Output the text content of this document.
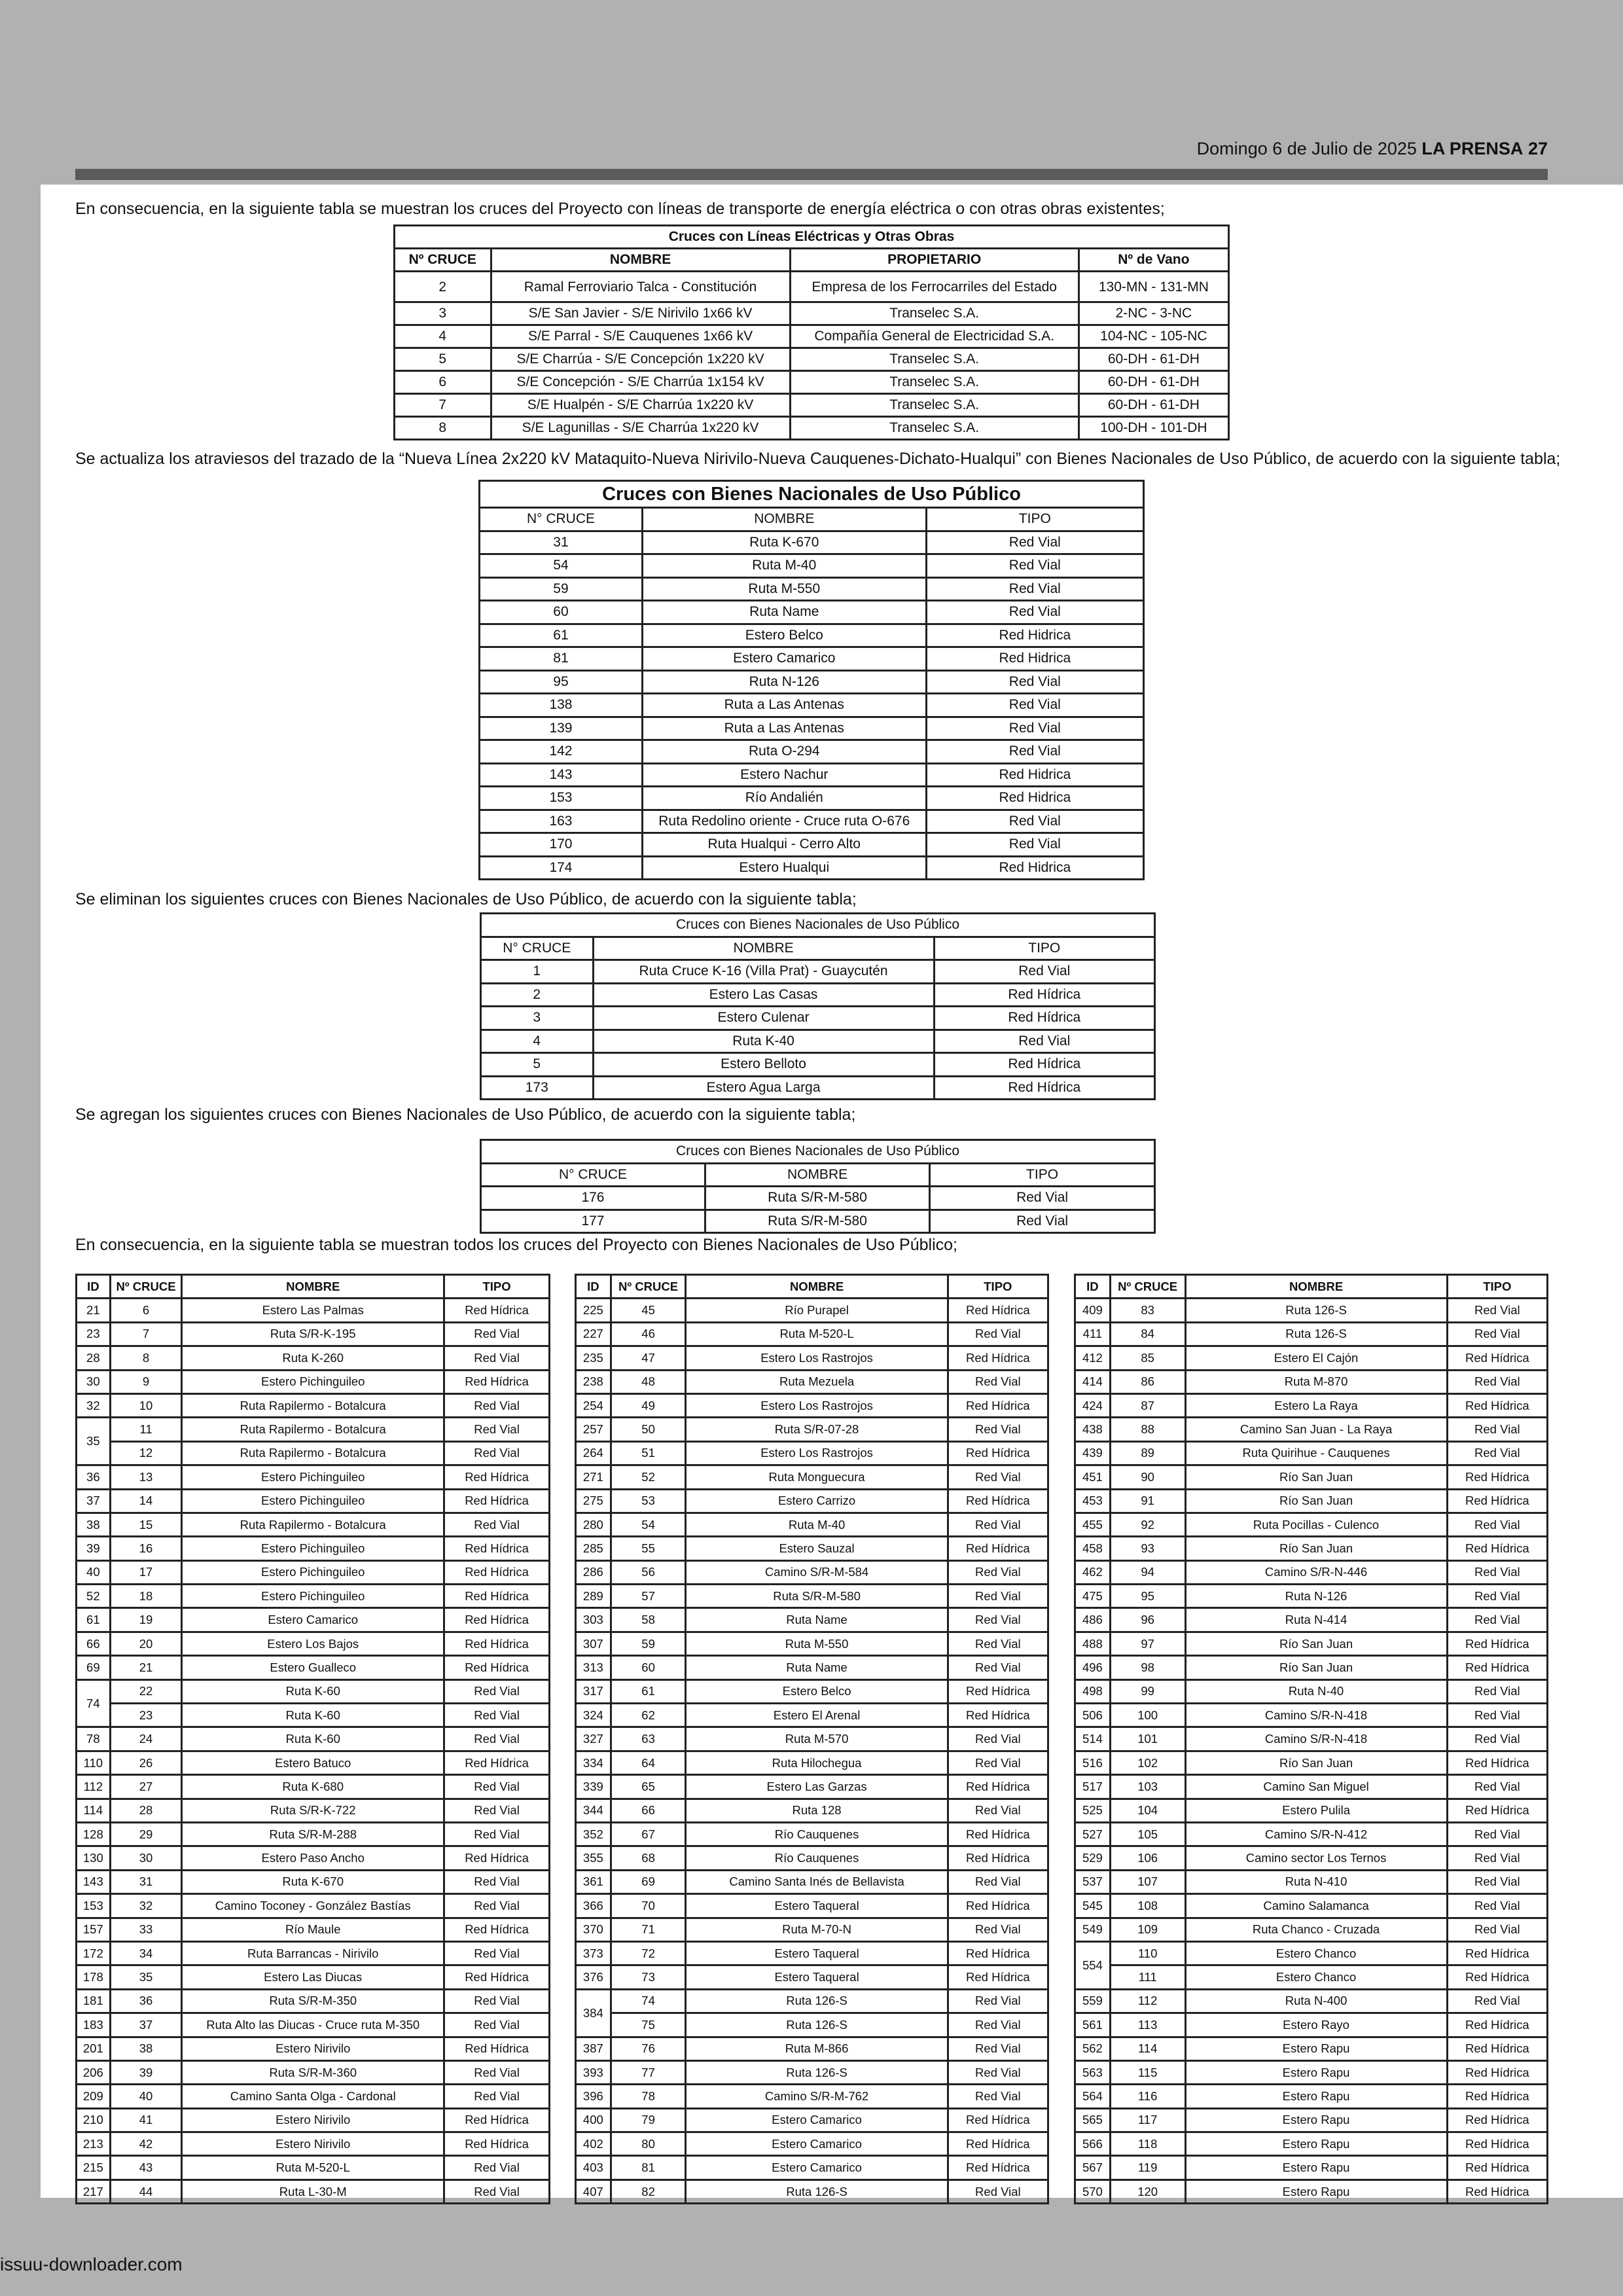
Domingo 6 de Julio de 2025 LA PRENSA 27
En consecuencia, en la siguiente tabla se muestran los cruces del Proyecto con líneas de transporte de energía eléctrica o con otras obras existentes;
Cruces con Líneas Eléctricas y Otras Obras			
Nº CRUCE	NOMBRE	PROPIETARIO	Nº de Vano
2	Ramal Ferroviario Talca - Constitución	Empresa de los Ferrocarriles del Estado	130-MN - 131-MN
3	S/E San Javier - S/E Nirivilo 1x66 kV	Transelec S.A.	2-NC - 3-NC
4	S/E Parral - S/E Cauquenes 1x66 kV	Compañía General de Electricidad S.A.	104-NC - 105-NC
5	S/E Charrúa - S/E Concepción 1x220 kV	Transelec S.A.	60-DH - 61-DH
6	S/E Concepción - S/E Charrúa 1x154 kV	Transelec S.A.	60-DH - 61-DH
7	S/E Hualpén - S/E Charrúa 1x220 kV	Transelec S.A.	60-DH - 61-DH
8	S/E Lagunillas - S/E Charrúa 1x220 kV	Transelec S.A.	100-DH - 101-DH
Se actualiza los atraviesos del trazado de la “Nueva Línea 2x220 kV Mataquito-Nueva Nirivilo-Nueva Cauquenes-Dichato-Hualqui” con Bienes Nacionales de Uso Público, de acuerdo con la siguiente tabla;
Cruces con Bienes Nacionales de Uso Público		
N° CRUCE	NOMBRE	TIPO
31	Ruta K-670	Red Vial
54	Ruta M-40	Red Vial
59	Ruta M-550	Red Vial
60	Ruta Name	Red Vial
61	Estero Belco	Red Hidrica
81	Estero Camarico	Red Hidrica
95	Ruta N-126	Red Vial
138	Ruta a Las Antenas	Red Vial
139	Ruta a Las Antenas	Red Vial
142	Ruta O-294	Red Vial
143	Estero Nachur	Red Hidrica
153	Río Andalién	Red Hidrica
163	Ruta Redolino oriente - Cruce ruta O-676	Red Vial
170	Ruta Hualqui - Cerro Alto	Red Vial
174	Estero Hualqui	Red Hidrica
Se eliminan los siguientes cruces con Bienes Nacionales de Uso Público, de acuerdo con la siguiente tabla;
Cruces con Bienes Nacionales de Uso Público		
N° CRUCE	NOMBRE	TIPO
1	Ruta Cruce K-16 (Villa Prat) - Guaycutén	Red Vial
2	Estero Las Casas	Red Hídrica
3	Estero Culenar	Red Hídrica
4	Ruta K-40	Red Vial
5	Estero Belloto	Red Hídrica
173	Estero Agua Larga	Red Hídrica
Se agregan los siguientes cruces con Bienes Nacionales de Uso Público, de acuerdo con la siguiente tabla;
Cruces con Bienes Nacionales de Uso Público		
N° CRUCE	NOMBRE	TIPO
176	Ruta S/R-M-580	Red Vial
177	Ruta S/R-M-580	Red Vial
En consecuencia, en la siguiente tabla se muestran todos los cruces del Proyecto con Bienes Nacionales de Uso Público;
ID	Nº CRUCE	NOMBRE	TIPO
21	6	Estero Las Palmas	Red Hídrica
23	7	Ruta S/R-K-195	Red Vial
28	8	Ruta K-260	Red Vial
30	9	Estero Pichinguileo	Red Hídrica
32	10	Ruta Rapilermo - Botalcura	Red Vial
35	11	Ruta Rapilermo - Botalcura	Red Vial
	12	Ruta Rapilermo - Botalcura	Red Vial
36	13	Estero Pichinguileo	Red Hídrica
37	14	Estero Pichinguileo	Red Hídrica
38	15	Ruta Rapilermo - Botalcura	Red Vial
39	16	Estero Pichinguileo	Red Hídrica
40	17	Estero Pichinguileo	Red Hídrica
52	18	Estero Pichinguileo	Red Hídrica
61	19	Estero Camarico	Red Hídrica
66	20	Estero Los Bajos	Red Hídrica
69	21	Estero Gualleco	Red Hídrica
74	22	Ruta K-60	Red Vial
	23	Ruta K-60	Red Vial
78	24	Ruta K-60	Red Vial
110	26	Estero Batuco	Red Hídrica
112	27	Ruta K-680	Red Vial
114	28	Ruta S/R-K-722	Red Vial
128	29	Ruta S/R-M-288	Red Vial
130	30	Estero Paso Ancho	Red Hídrica
143	31	Ruta K-670	Red Vial
153	32	Camino Toconey - González Bastías	Red Vial
157	33	Río Maule	Red Hídrica
172	34	Ruta Barrancas - Nirivilo	Red Vial
178	35	Estero Las Diucas	Red Hídrica
181	36	Ruta S/R-M-350	Red Vial
183	37	Ruta Alto las Diucas - Cruce ruta M-350	Red Vial
201	38	Estero Nirivilo	Red Hídrica
206	39	Ruta S/R-M-360	Red Vial
209	40	Camino Santa Olga - Cardonal	Red Vial
210	41	Estero Nirivilo	Red Hídrica
213	42	Estero Nirivilo	Red Hídrica
215	43	Ruta M-520-L	Red Vial
217	44	Ruta L-30-M	Red Vial
ID	Nº CRUCE	NOMBRE	TIPO
225	45	Río Purapel	Red Hídrica
227	46	Ruta M-520-L	Red Vial
235	47	Estero Los Rastrojos	Red Hídrica
238	48	Ruta Mezuela	Red Vial
254	49	Estero Los Rastrojos	Red Hídrica
257	50	Ruta S/R-07-28	Red Vial
264	51	Estero Los Rastrojos	Red Hídrica
271	52	Ruta Monguecura	Red Vial
275	53	Estero Carrizo	Red Hídrica
280	54	Ruta M-40	Red Vial
285	55	Estero Sauzal	Red Hídrica
286	56	Camino S/R-M-584	Red Vial
289	57	Ruta S/R-M-580	Red Vial
303	58	Ruta Name	Red Vial
307	59	Ruta M-550	Red Vial
313	60	Ruta Name	Red Vial
317	61	Estero Belco	Red Hídrica
324	62	Estero El Arenal	Red Hídrica
327	63	Ruta M-570	Red Vial
334	64	Ruta Hilochegua	Red Vial
339	65	Estero Las Garzas	Red Hídrica
344	66	Ruta 128	Red Vial
352	67	Río Cauquenes	Red Hídrica
355	68	Río Cauquenes	Red Hídrica
361	69	Camino Santa Inés de Bellavista	Red Vial
366	70	Estero Taqueral	Red Hídrica
370	71	Ruta M-70-N	Red Vial
373	72	Estero Taqueral	Red Hídrica
376	73	Estero Taqueral	Red Hídrica
384	74	Ruta 126-S	Red Vial
	75	Ruta 126-S	Red Vial
387	76	Ruta M-866	Red Vial
393	77	Ruta 126-S	Red Vial
396	78	Camino S/R-M-762	Red Vial
400	79	Estero Camarico	Red Hídrica
402	80	Estero Camarico	Red Hídrica
403	81	Estero Camarico	Red Hídrica
407	82	Ruta 126-S	Red Vial
ID	Nº CRUCE	NOMBRE	TIPO
409	83	Ruta 126-S	Red Vial
411	84	Ruta 126-S	Red Vial
412	85	Estero El Cajón	Red Hídrica
414	86	Ruta M-870	Red Vial
424	87	Estero La Raya	Red Hídrica
438	88	Camino San Juan - La Raya	Red Vial
439	89	Ruta Quirihue - Cauquenes	Red Vial
451	90	Río San Juan	Red Hídrica
453	91	Río San Juan	Red Hídrica
455	92	Ruta Pocillas - Culenco	Red Vial
458	93	Río San Juan	Red Hídrica
462	94	Camino S/R-N-446	Red Vial
475	95	Ruta N-126	Red Vial
486	96	Ruta N-414	Red Vial
488	97	Río San Juan	Red Hídrica
496	98	Río San Juan	Red Hídrica
498	99	Ruta N-40	Red Vial
506	100	Camino S/R-N-418	Red Vial
514	101	Camino S/R-N-418	Red Vial
516	102	Río San Juan	Red Hídrica
517	103	Camino San Miguel	Red Vial
525	104	Estero Pulila	Red Hídrica
527	105	Camino S/R-N-412	Red Vial
529	106	Camino sector Los Ternos	Red Vial
537	107	Ruta N-410	Red Vial
545	108	Camino Salamanca	Red Vial
549	109	Ruta Chanco - Cruzada	Red Vial
554	110	Estero Chanco	Red Hídrica
	111	Estero Chanco	Red Hídrica
559	112	Ruta N-400	Red Vial
561	113	Estero Rayo	Red Hídrica
562	114	Estero Rapu	Red Hídrica
563	115	Estero Rapu	Red Hídrica
564	116	Estero Rapu	Red Hídrica
565	117	Estero Rapu	Red Hídrica
566	118	Estero Rapu	Red Hídrica
567	119	Estero Rapu	Red Hídrica
570	120	Estero Rapu	Red Hídrica
issuu-downloader.com
